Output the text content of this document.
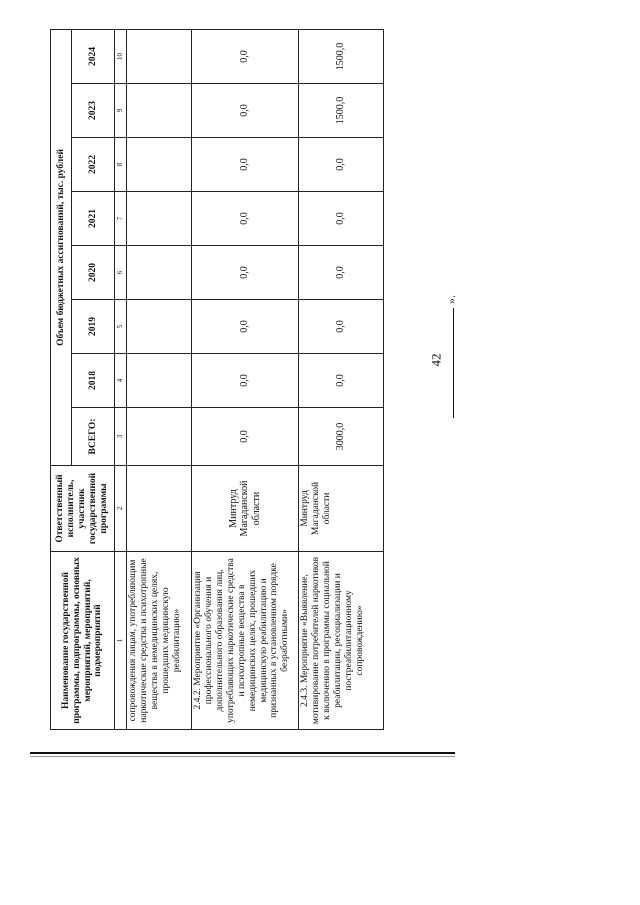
Наименование государственной программы, подпрограммы, основных мероприятий, мероприятий, подмероприятий	Ответственный исполнитель, участник государственной программы	Объем бюджетных ассигнований, тыс. рублей							
		ВСЕГО:	2018	2019	2020	2021	2022	2023	2024
1	2	3	4	5	6	7	8	9	10
сопровождения лицам, употребляющим наркотические средства и психотропные вещества в немедицинских целях, прошедших медицинскую реабилитацию»									
2.4.2. Мероприятие «Организация профессионального обучения и дополнительного образования лиц, употребляющих наркотические средства и психотропные вещества в немедицинских целях, прошедших медицинскую реабилитацию и признанных в установленном порядке безработными»	Минтруд Магаданской области	0,0	0,0	0,0	0,0	0,0	0,0	0,0	0,0
2.4.3. Мероприятие «Выявление, мотивирование потребителей наркотиков к включению в программы социальной реабилитации, ресоциализации и постреабилитационному сопровождению»	Минтруд Магаданской области	3000,0	0,0	0,0	0,0	0,0	0,0	1500,0	1500,0
42
».
